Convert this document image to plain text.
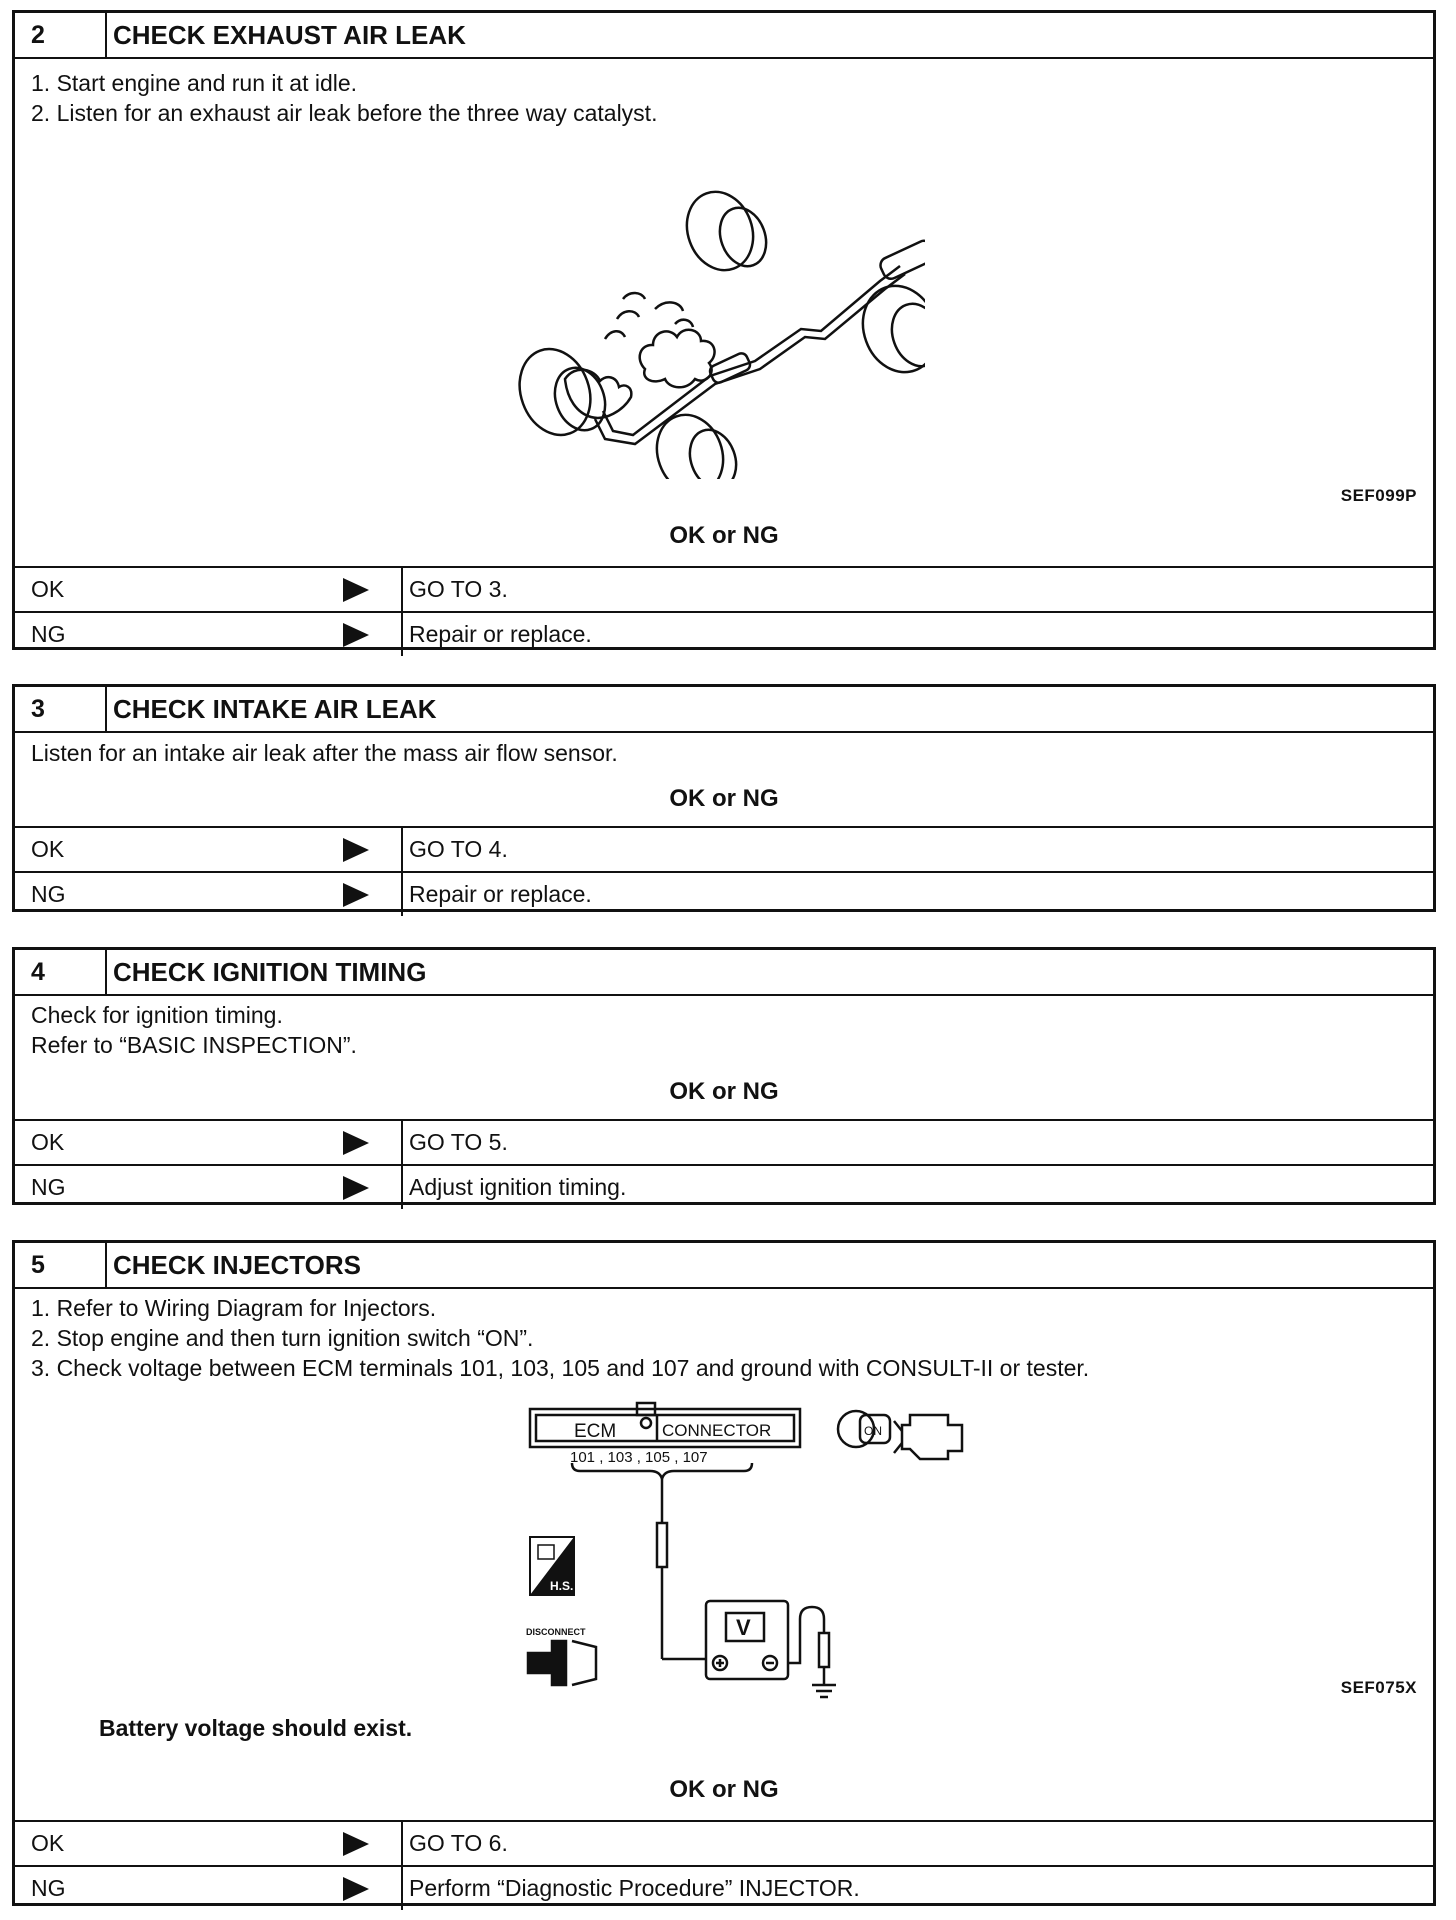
2	CHECK EXHAUST AIR LEAK
1. Start engine and run it at idle.
2. Listen for an exhaust air leak before the three way catalyst.
SEF099P
OK or NG
OK	GO TO 3.
NG	Repair or replace.
3	CHECK INTAKE AIR LEAK
Listen for an intake air leak after the mass air flow sensor.
OK or NG
OK	GO TO 4.
NG	Repair or replace.
4	CHECK IGNITION TIMING
Check for ignition timing.
Refer to “BASIC INSPECTION”.
OK or NG
OK	GO TO 5.
NG	Adjust ignition timing.
5	CHECK INJECTORS
1. Refer to Wiring Diagram for Injectors.
2. Stop engine and then turn ignition switch “ON”.
3. Check voltage between ECM terminals 101, 103, 105 and 107 and ground with CONSULT-II or tester.
ECM	CONNECTOR
101 , 103 , 105 , 107
ON
H.S.
DISCONNECT	V
SEF075X
Battery voltage should exist.
OK or NG
OK	GO TO 6.
NG	Perform “Diagnostic Procedure” INJECTOR.
